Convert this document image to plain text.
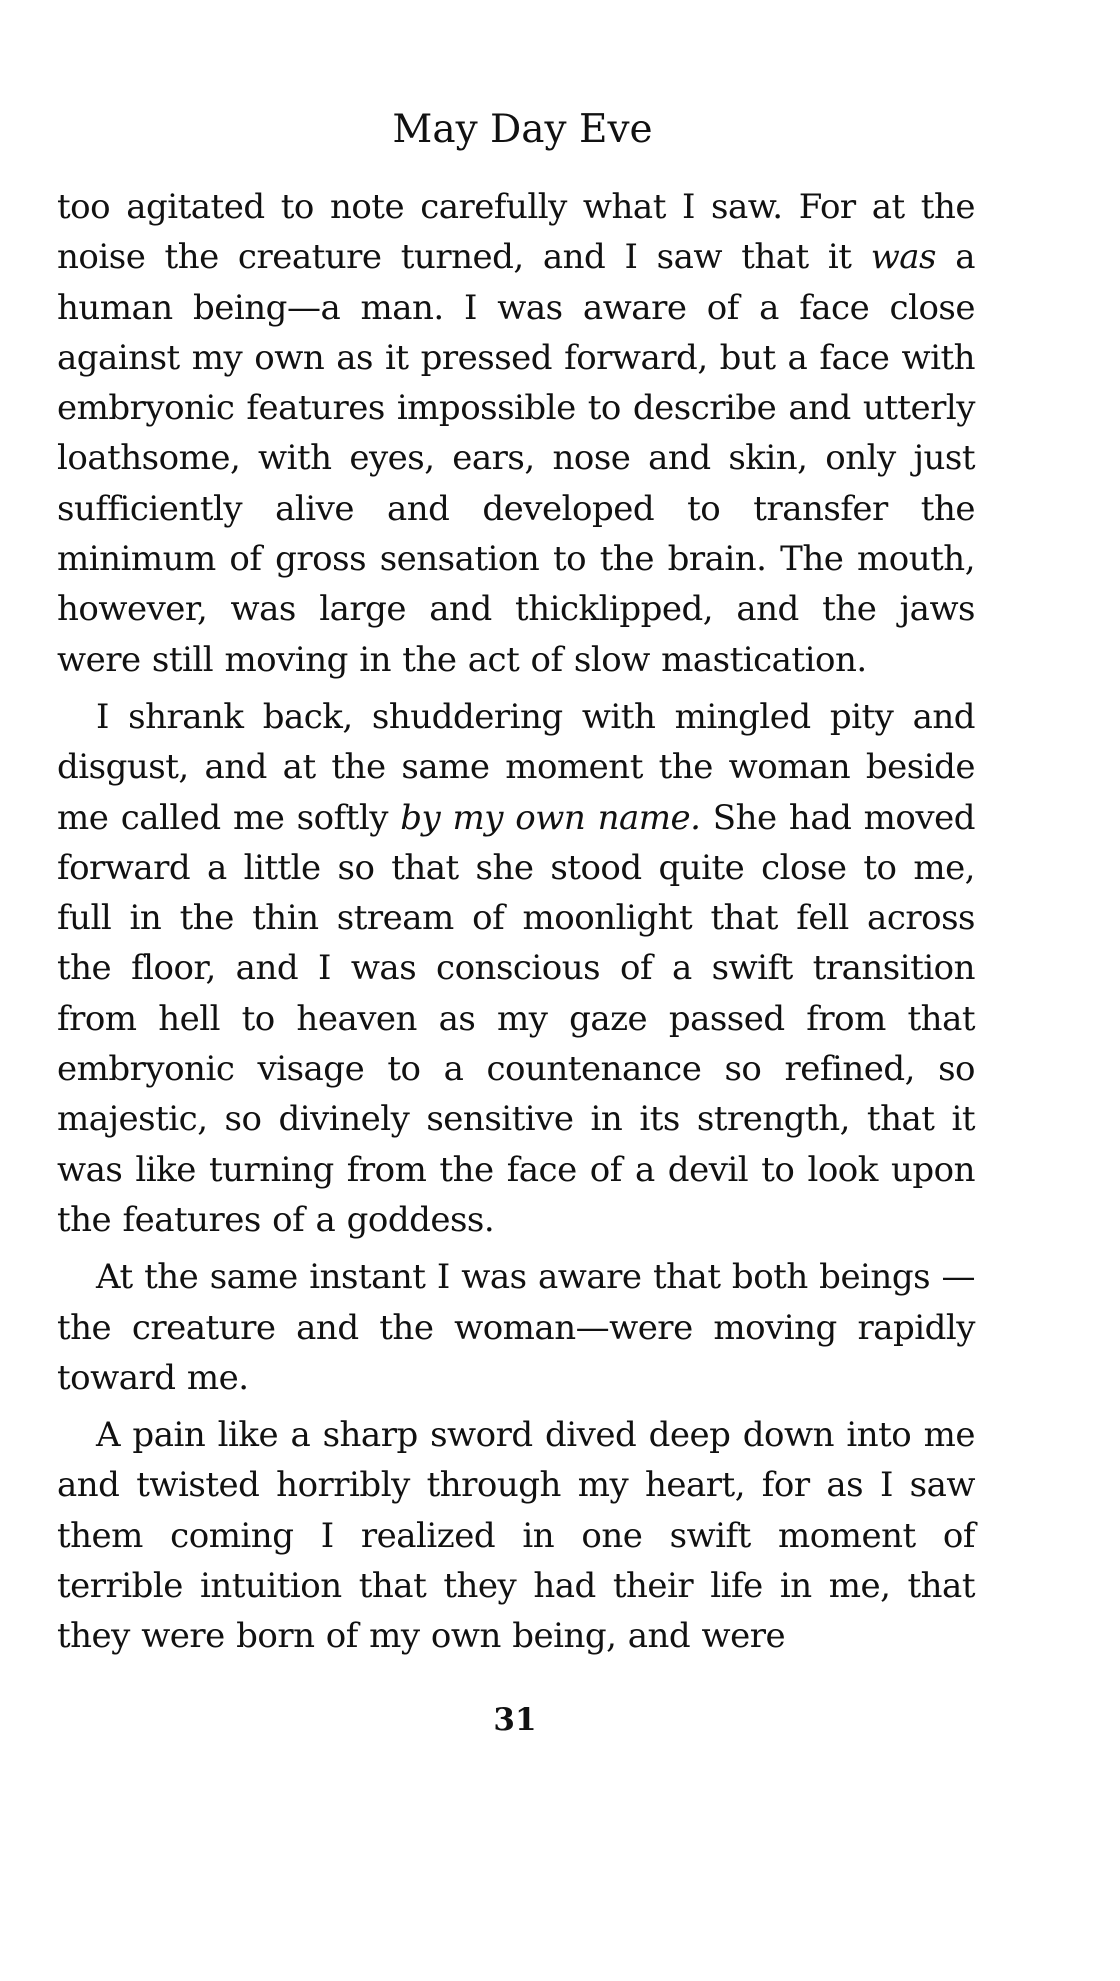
May Day Eve

too agitated to note carefully what I saw. For at the noise the creature turned, and I saw that it was a human being—a man. I was aware of a face close against my own as it pressed forward, but a face with embryonic features impossible to describe and utterly loathsome, with eyes, ears, nose and skin, only just sufficiently alive and developed to transfer the minimum of gross sensation to the brain. The mouth, however, was large and thicklipped, and the jaws were still moving in the act of slow mastication.

I shrank back, shuddering with mingled pity and disgust, and at the same moment the woman beside me called me softly by my own name. She had moved forward a little so that she stood quite close to me, full in the thin stream of moonlight that fell across the floor, and I was conscious of a swift transition from hell to heaven as my gaze passed from that embryonic visage to a countenance so refined, so majestic, so divinely sensitive in its strength, that it was like turning from the face of a devil to look upon the features of a goddess.

At the same instant I was aware that both beings —the creature and the woman—were moving rapidly toward me.

A pain like a sharp sword dived deep down into me and twisted horribly through my heart, for as I saw them coming I realized in one swift moment of terrible intuition that they had their life in me, that they were born of my own being, and were

31
